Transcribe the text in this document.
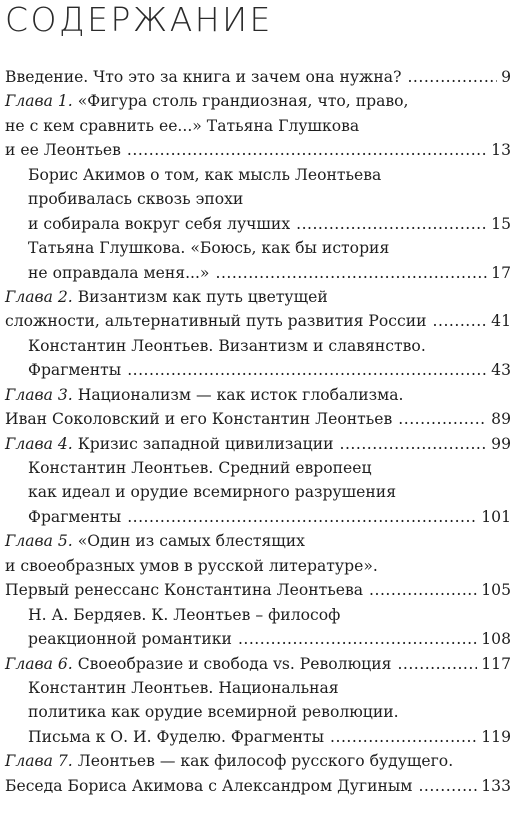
СОДЕРЖАНИЕ
Введение. Что это за книга и зачем она нужна? .....	9
Глава 1. «Фигура столь грандиозная, что, право,
не с кем сравнить ее...» Татьяна Глушкова
и ее Леонтьев .....	13
Борис Акимов о том, как мысль Леонтьева
пробивалась сквозь эпохи
и собирала вокруг себя лучших .....	15
Татьяна Глушкова. «Боюсь, как бы история
не оправдала меня...» .....	17
Глава 2. Византизм как путь цветущей
сложности, альтернативный путь развития России .....	41
Константин Леонтьев. Византизм и славянство.
Фрагменты .....	43
Глава 3. Национализм — как исток глобализма.
Иван Соколовский и его Константин Леонтьев .....	89
Глава 4. Кризис западной цивилизации .....	99
Константин Леонтьев. Средний европеец
как идеал и орудие всемирного разрушения
Фрагменты .....	101
Глава 5. «Один из самых блестящих
и своеобразных умов в русской литературе».
Первый ренессанс Константина Леонтьева .....	105
Н. А. Бердяев. К. Леонтьев – философ
реакционной романтики .....	108
Глава 6. Своеобразие и свобода vs. Революция .....	117
Константин Леонтьев. Национальная
политика как орудие всемирной революции.
Письма к О. И. Фуделю. Фрагменты .....	119
Глава 7. Леонтьев — как философ русского будущего.
Беседа Бориса Акимова с Александром Дугиным .....	133
